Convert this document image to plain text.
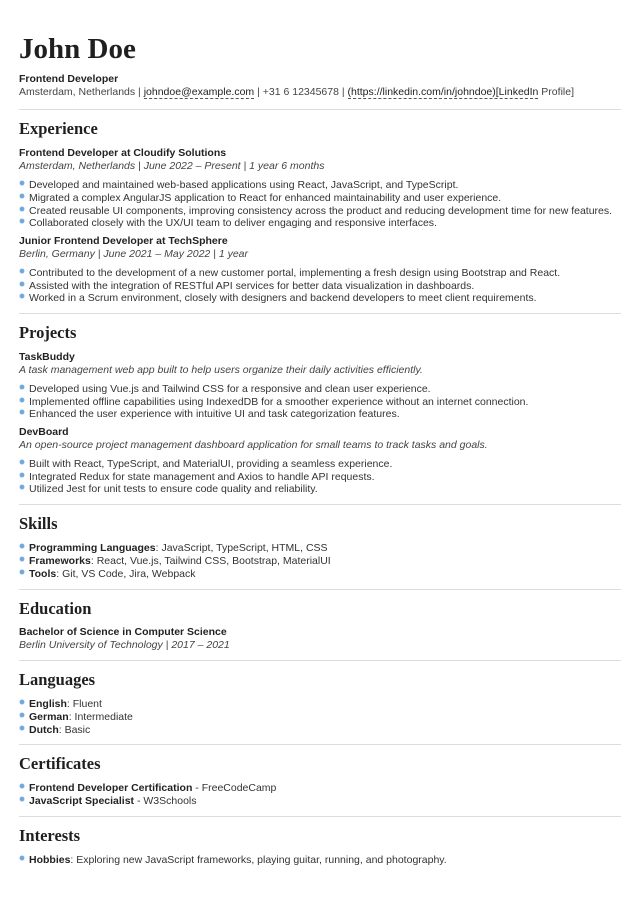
John Doe

Frontend Developer

Amsterdam, Netherlands | johndoe@example.com | +31 6 12345678 | (https://linkedin.com/in/johndoe)[LinkedIn Profile]

Experience

Frontend Developer at Cloudify Solutions

Amsterdam, Netherlands | June 2022 – Present | 1 year 6 months

Developed and maintained web-based applications using React, JavaScript, and TypeScript.
Migrated a complex AngularJS application to React for enhanced maintainability and user experience.
Created reusable UI components, improving consistency across the product and reducing development time for new features.
Collaborated closely with the UX/UI team to deliver engaging and responsive interfaces.

Junior Frontend Developer at TechSphere

Berlin, Germany | June 2021 – May 2022 | 1 year

Contributed to the development of a new customer portal, implementing a fresh design using Bootstrap and React.
Assisted with the integration of RESTful API services for better data visualization in dashboards.
Worked in a Scrum environment, closely with designers and backend developers to meet client requirements.
Projects

TaskBuddy

A task management web app built to help users organize their daily activities efficiently.

Developed using Vue.js and Tailwind CSS for a responsive and clean user experience.
Implemented offline capabilities using IndexedDB for a smoother experience without an internet connection.
Enhanced the user experience with intuitive UI and task categorization features.

DevBoard

An open-source project management dashboard application for small teams to track tasks and goals.

Built with React, TypeScript, and MaterialUI, providing a seamless experience.
Integrated Redux for state management and Axios to handle API requests.
Utilized Jest for unit tests to ensure code quality and reliability.
Skills
Programming Languages: JavaScript, TypeScript, HTML, CSS
Frameworks: React, Vue.js, Tailwind CSS, Bootstrap, MaterialUI
Tools: Git, VS Code, Jira, Webpack
Education

Bachelor of Science in Computer Science

Berlin University of Technology | 2017 – 2021

Languages
English: Fluent
German: Intermediate
Dutch: Basic
Certificates
Frontend Developer Certification - FreeCodeCamp
JavaScript Specialist - W3Schools
Interests
Hobbies: Exploring new JavaScript frameworks, playing guitar, running, and photography.
